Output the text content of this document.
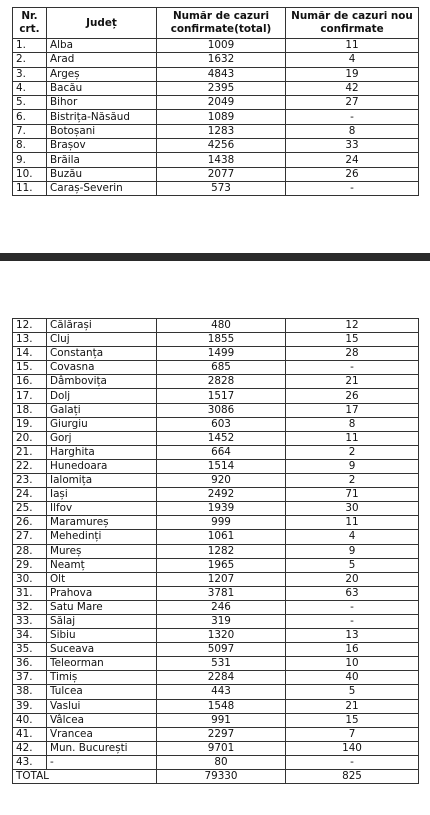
Nr. crt.	Județ	Număr de cazuri confirmate(total)	Număr de cazuri nou confirmate
1.	Alba	1009	11
2.	Arad	1632	4
3.	Argeș	4843	19
4.	Bacău	2395	42
5.	Bihor	2049	27
6.	Bistrița-Năsăud	1089	-
7.	Botoșani	1283	8
8.	Brașov	4256	33
9.	Brăila	1438	24
10.	Buzău	2077	26
11.	Caraș-Severin	573	-
12.	Călărași	480	12
13.	Cluj	1855	15
14.	Constanța	1499	28
15.	Covasna	685	-
16.	Dâmbovița	2828	21
17.	Dolj	1517	26
18.	Galați	3086	17
19.	Giurgiu	603	8
20.	Gorj	1452	11
21.	Harghita	664	2
22.	Hunedoara	1514	9
23.	Ialomița	920	2
24.	Iași	2492	71
25.	Ilfov	1939	30
26.	Maramureș	999	11
27.	Mehedinți	1061	4
28.	Mureș	1282	9
29.	Neamț	1965	5
30.	Olt	1207	20
31.	Prahova	3781	63
32.	Satu Mare	246	-
33.	Sălaj	319	-
34.	Sibiu	1320	13
35.	Suceava	5097	16
36.	Teleorman	531	10
37.	Timiș	2284	40
38.	Tulcea	443	5
39.	Vaslui	1548	21
40.	Vâlcea	991	15
41.	Vrancea	2297	7
42.	Mun. București	9701	140
43.	-	80	-
TOTAL		79330	825
